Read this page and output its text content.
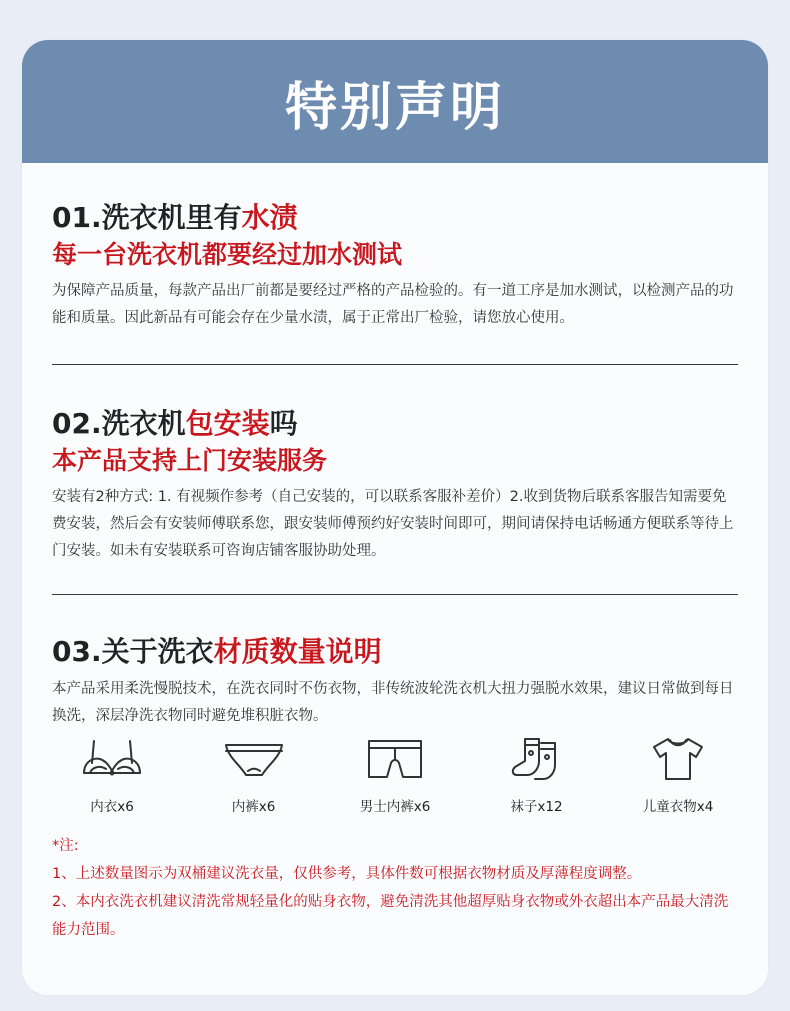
特别声明
01.洗衣机里有水渍
每一台洗衣机都要经过加水测试
为保障产品质量，每款产品出厂前都是要经过严格的产品检验的。有一道工序是加水测试，以检测产品的功能和质量。因此新品有可能会存在少量水渍，属于正常出厂检验，请您放心使用。
02.洗衣机包安装吗
本产品支持上门安装服务
安装有2种方式: 1. 有视频作参考（自己安装的，可以联系客服补差价）2.收到货物后联系客服告知需要免费安装，然后会有安装师傅联系您，跟安装师傅预约好安装时间即可，期间请保持电话畅通方便联系等待上门安装。如未有安装联系可咨询店铺客服协助处理。
03.关于洗衣材质数量说明
本产品采用柔洗慢脱技术，在洗衣同时不伤衣物，非传统波轮洗衣机大扭力强脱水效果，建议日常做到每日换洗，深层净洗衣物同时避免堆积脏衣物。
内衣x6	内裤x6	男士内裤x6	袜子x12	儿童衣物x4
*注:
1、上述数量图示为双桶建议洗衣量，仅供参考，具体件数可根据衣物材质及厚薄程度调整。
2、本内衣洗衣机建议清洗常规轻量化的贴身衣物，避免清洗其他超厚贴身衣物或外衣超出本产品最大清洗能力范围。
